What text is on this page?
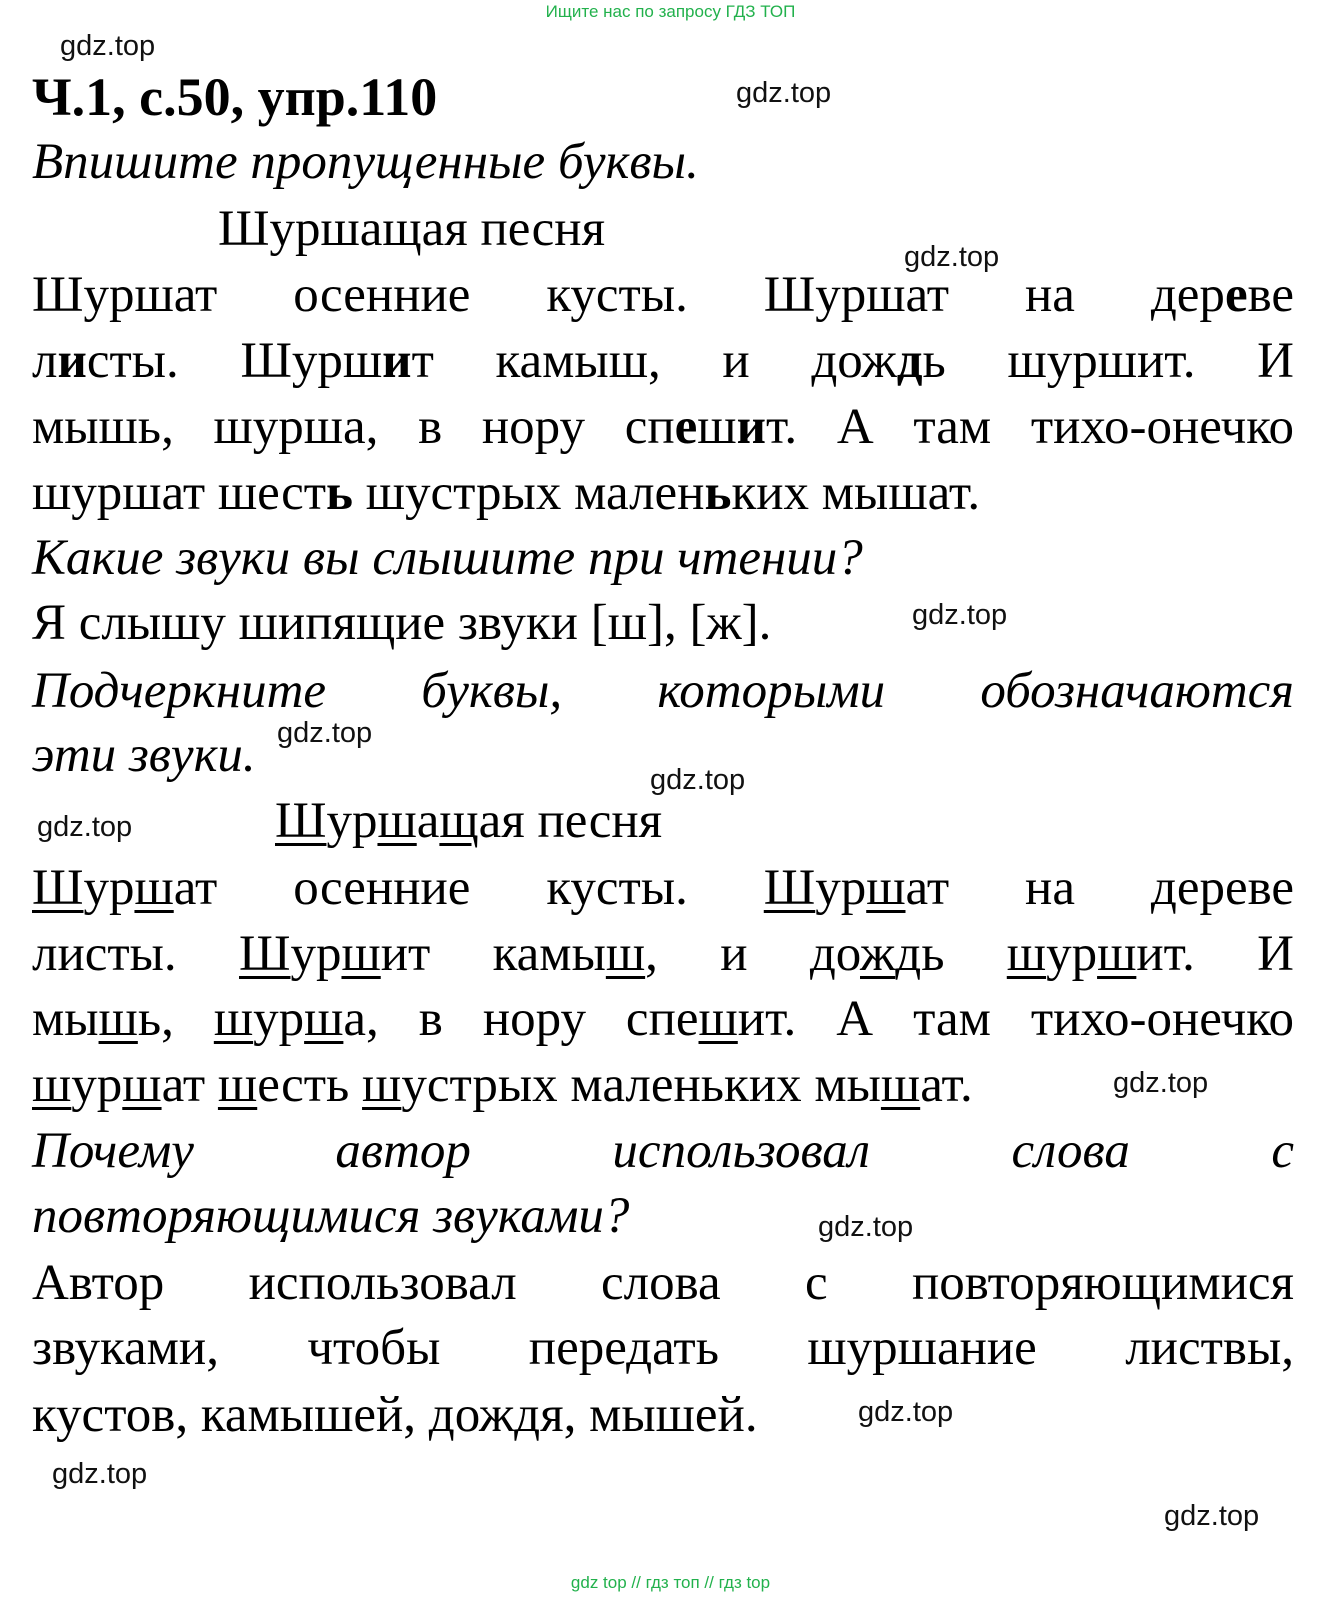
Ищите нас по запросу ГДЗ ТОП
Ч.1, с.50, упр.110

Впишите пропущенные буквы.

Шуршащая песня

Шуршат осенние кусты. Шуршат на дереве

листы. Шуршит камыш, и дождь шуршит. И

мышь, шурша, в нору спешит. А там тихо-онечко

шуршат шесть шустрых маленьких мышат.

Какие звуки вы слышите при чтении?

Я слышу шипящие звуки [ш], [ж].

Подчеркните буквы, которыми обозначаются

эти звуки.

Шуршащая песня

Шуршат осенние кусты. Шуршат на дереве

листы. Шуршит камыш, и дождь шуршит. И

мышь, шурша, в нору спешит. А там тихо-онечко

шуршат шесть шустрых маленьких мышат.

Почему автор использовал слова с

повторяющимися звуками?

Автор использовал слова с повторяющимися

звуками, чтобы передать шуршание листвы,

кустов, камышей, дождя, мышей.

gdz.top
gdz.top
gdz.top
gdz.top
gdz.top
gdz.top
gdz.top
gdz.top
gdz.top
gdz.top
gdz.top
gdz.top
gdz top // гдз топ // гдз top
